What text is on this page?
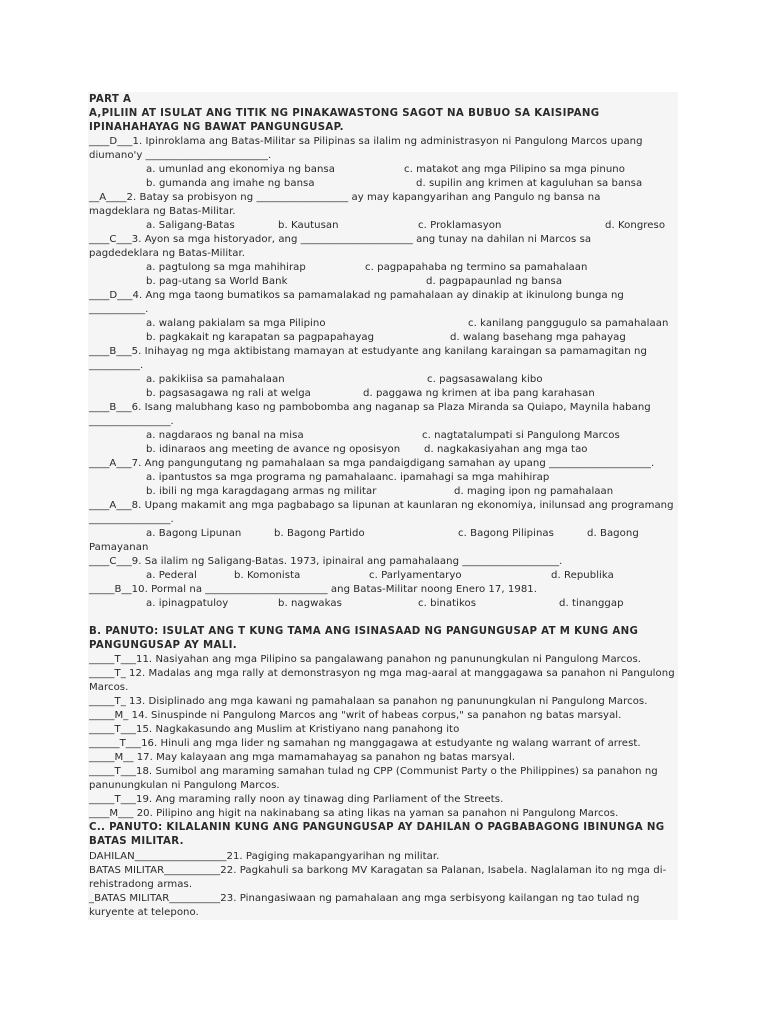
PART A
A,PILIIN AT ISULAT ANG TITIK NG PINAKAWASTONG SAGOT NA BUBUO SA KAISIPANG
IPINAHAHAYAG NG BAWAT PANGUNGUSAP.
____D___1. Ipinroklama ang Batas-Militar sa Pilipinas sa ilalim ng administrasyon ni Pangulong Marcos upang
diumano'y ________________________.
a. umunlad ang ekonomiya ng bansa	c. matakot ang mga Pilipino sa mga pinuno
b. gumanda ang imahe ng bansa	d. supilin ang krimen at kaguluhan sa bansa
__A____2. Batay sa probisyon ng __________________ ay may kapangyarihan ang Pangulo ng bansa na
magdeklara ng Batas-Militar.
a. Saligang-Batas	b. Kautusan	c. Proklamasyon	d. Kongreso
____C___3. Ayon sa mga historyador, ang ______________________ ang tunay na dahilan ni Marcos sa
pagdedeklara ng Batas-Militar.
a. pagtulong sa mga mahihirap	c. pagpapahaba ng termino sa pamahalaan
b. pag-utang sa World Bank	d. pagpapaunlad ng bansa
____D___4. Ang mga taong bumatikos sa pamamalakad ng pamahalaan ay dinakip at ikinulong bunga ng
___________.
a. walang pakialam sa mga Pilipino	c. kanilang panggugulo sa pamahalaan
b. pagkakait ng karapatan sa pagpapahayag	d. walang basehang mga pahayag
____B___5. Inihayag ng mga aktibistang mamayan at estudyante ang kanilang karaingan sa pamamagitan ng
__________.
a. pakikiisa sa pamahalaan	c. pagsasawalang kibo
b. pagsasagawa ng rali at welga	d. paggawa ng krimen at iba pang karahasan
____B___6. Isang malubhang kaso ng pambobomba ang naganap sa Plaza Miranda sa Quiapo, Maynila habang
________________.
a. nagdaraos ng banal na misa	c. nagtatalumpati si Pangulong Marcos
b. idinaraos ang meeting de avance ng oposisyon d. nagkakasiyahan ang mga tao
____A___7. Ang pangungutang ng pamahalaan sa mga pandaigdigang samahan ay upang ____________________.
a. ipantustos sa mga programa ng pamahalaan c. ipamahagi sa mga mahihirap
b. ibili ng mga karagdagang armas ng militar	d. maging ipon ng pamahalaan
____A___8. Upang makamit ang mga pagbabago sa lipunan at kaunlaran ng ekonomiya, inilunsad ang programang
________________.
a. Bagong Lipunan	b. Bagong Partido	c. Bagong Pilipinas	d. Bagong
Pamayanan
____C___9. Sa ilalim ng Saligang-Batas. 1973, ipinairal ang pamahalaang ___________________.
a. Pederal	b. Komonista	c. Parlyamentaryo	d. Republika
_____B__10. Pormal na ________________________ ang Batas-Militar noong Enero 17, 1981.
a. ipinagpatuloy	b. nagwakas	c. binatikos	d. tinanggap
B. PANUTO: ISULAT ANG T KUNG TAMA ANG ISINASAAD NG PANGUNGUSAP AT M KUNG ANG
PANGUNGUSAP AY MALI.
_____T___11. Nasiyahan ang mga Pilipino sa pangalawang panahon ng panunungkulan ni Pangulong Marcos.
_____T_ 12. Madalas ang mga rally at demonstrasyon ng mga mag-aaral at manggagawa sa panahon ni Pangulong
Marcos.
_____T_ 13. Disiplinado ang mga kawani ng pamahalaan sa panahon ng panunungkulan ni Pangulong Marcos.
_____M_ 14. Sinuspinde ni Pangulong Marcos ang "writ of habeas corpus," sa panahon ng batas marsyal.
_____T___15. Nagkakasundo ang Muslim at Kristiyano nang panahong ito
______T___16. Hinuli ang mga lider ng samahan ng manggagawa at estudyante ng walang warrant of arrest.
_____M__ 17. May kalayaan ang mga mamamahayag sa panahon ng batas marsyal.
_____T___18. Sumibol ang maraming samahan tulad ng CPP (Communist Party o the Philippines) sa panahon ng
panunungkulan ni Pangulong Marcos.
_____T___19. Ang maraming rally noon ay tinawag ding Parliament of the Streets.
____M___ 20. Pilipino ang higit na nakinabang sa ating likas na yaman sa panahon ni Pangulong Marcos.
C.. PANUTO: KILALANIN KUNG ANG PANGUNGUSAP AY DAHILAN O PAGBABAGONG IBINUNGA NG
BATAS MILITAR.
DAHILAN__________________21. Pagiging makapangyarihan ng militar.
BATAS MILITAR___________22. Pagkahuli sa barkong MV Karagatan sa Palanan, Isabela. Naglalaman ito ng mga di-
rehistradong armas.
_BATAS MILITAR__________23. Pinangasiwaan ng pamahalaan ang mga serbisyong kailangan ng tao tulad ng
kuryente at telepono.
